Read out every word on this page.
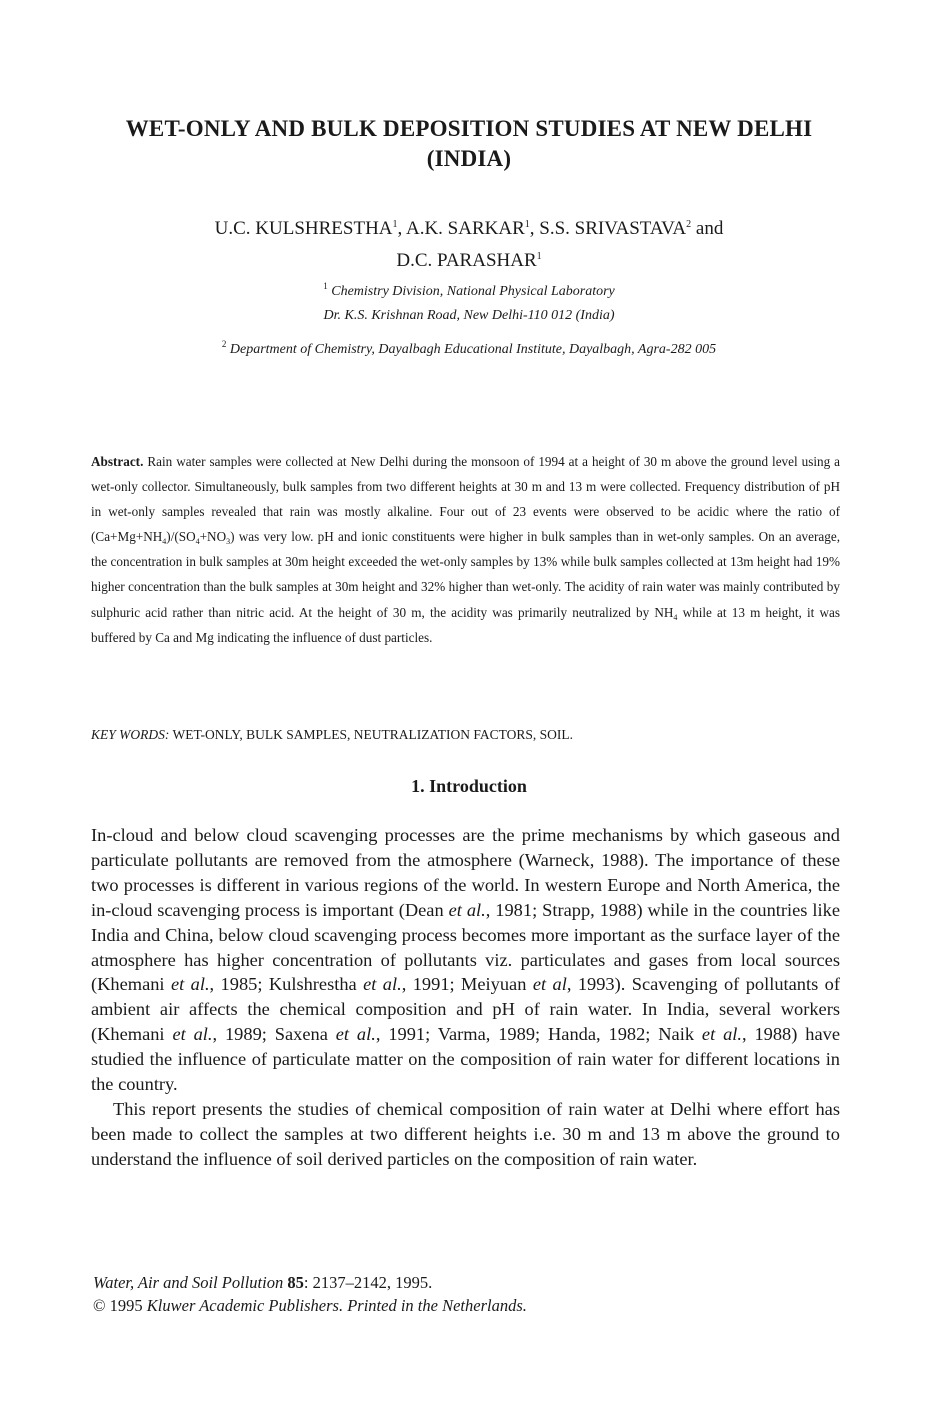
WET-ONLY AND BULK DEPOSITION STUDIES AT NEW DELHI
(INDIA)
U.C. KULSHRESTHA$^1$, A.K. SARKAR$^1$, S.S. SRIVASTAVA$^2$ and
D.C. PARASHAR$^1$
$^1$ Chemistry Division, National Physical Laboratory
Dr. K.S. Krishnan Road, New Delhi-110 012 (India)
$^2$ Department of Chemistry, Dayalbagh Educational Institute, Dayalbagh, Agra-282 005
Abstract. Rain water samples were collected at New Delhi during the monsoon of 1994 at a height of 30 m above the ground level using a wet-only collector. Simultaneously, bulk samples from two different heights at 30 m and 13 m were collected. Frequency distribution of pH in wet-only samples revealed that rain was mostly alkaline. Four out of 23 events were observed to be acidic where the ratio of $(Ca+Mg+NH_4)/(SO_4+NO_3)$ was very low. pH and ionic constituents were higher in bulk samples than in wet-only samples. On an average, the concentration in bulk samples at 30m height exceeded the wet-only samples by 13% while bulk samples collected at 13m height had 19% higher concentration than the bulk samples at 30m height and 32% higher than wet-only. The acidity of rain water was mainly contributed by sulphuric acid rather than nitric acid. At the height of 30 m, the acidity was primarily neutralized by $NH_4$ while at 13 m height, it was buffered by Ca and Mg indicating the influence of dust particles.
KEY WORDS: WET-ONLY, BULK SAMPLES, NEUTRALIZATION FACTORS, SOIL.
1. Introduction

In-cloud and below cloud scavenging processes are the prime mechanisms by which gaseous and particulate pollutants are removed from the atmosphere (Warneck, 1988). The importance of these two processes is different in various regions of the world. In western Europe and North America, the in-cloud scavenging process is important (Dean et al., 1981; Strapp, 1988) while in the countries like India and China, below cloud scavenging process becomes more important as the surface layer of the atmosphere has higher concentration of pollutants viz. particulates and gases from local sources (Khemani et al., 1985; Kulshrestha et al., 1991; Meiyuan et al, 1993). Scavenging of pollutants of ambient air affects the chemical composition and pH of rain water. In India, several workers (Khemani et al., 1989; Saxena et al., 1991; Varma, 1989; Handa, 1982; Naik et al., 1988) have studied the influence of particulate matter on the composition of rain water for different locations in the country.

This report presents the studies of chemical composition of rain water at Delhi where effort has been made to collect the samples at two different heights i.e. 30 m and 13 m above the ground to understand the influence of soil derived particles on the composition of rain water.

Water, Air and Soil Pollution 85: 2137–2142, 1995.
© 1995 Kluwer Academic Publishers. Printed in the Netherlands.
